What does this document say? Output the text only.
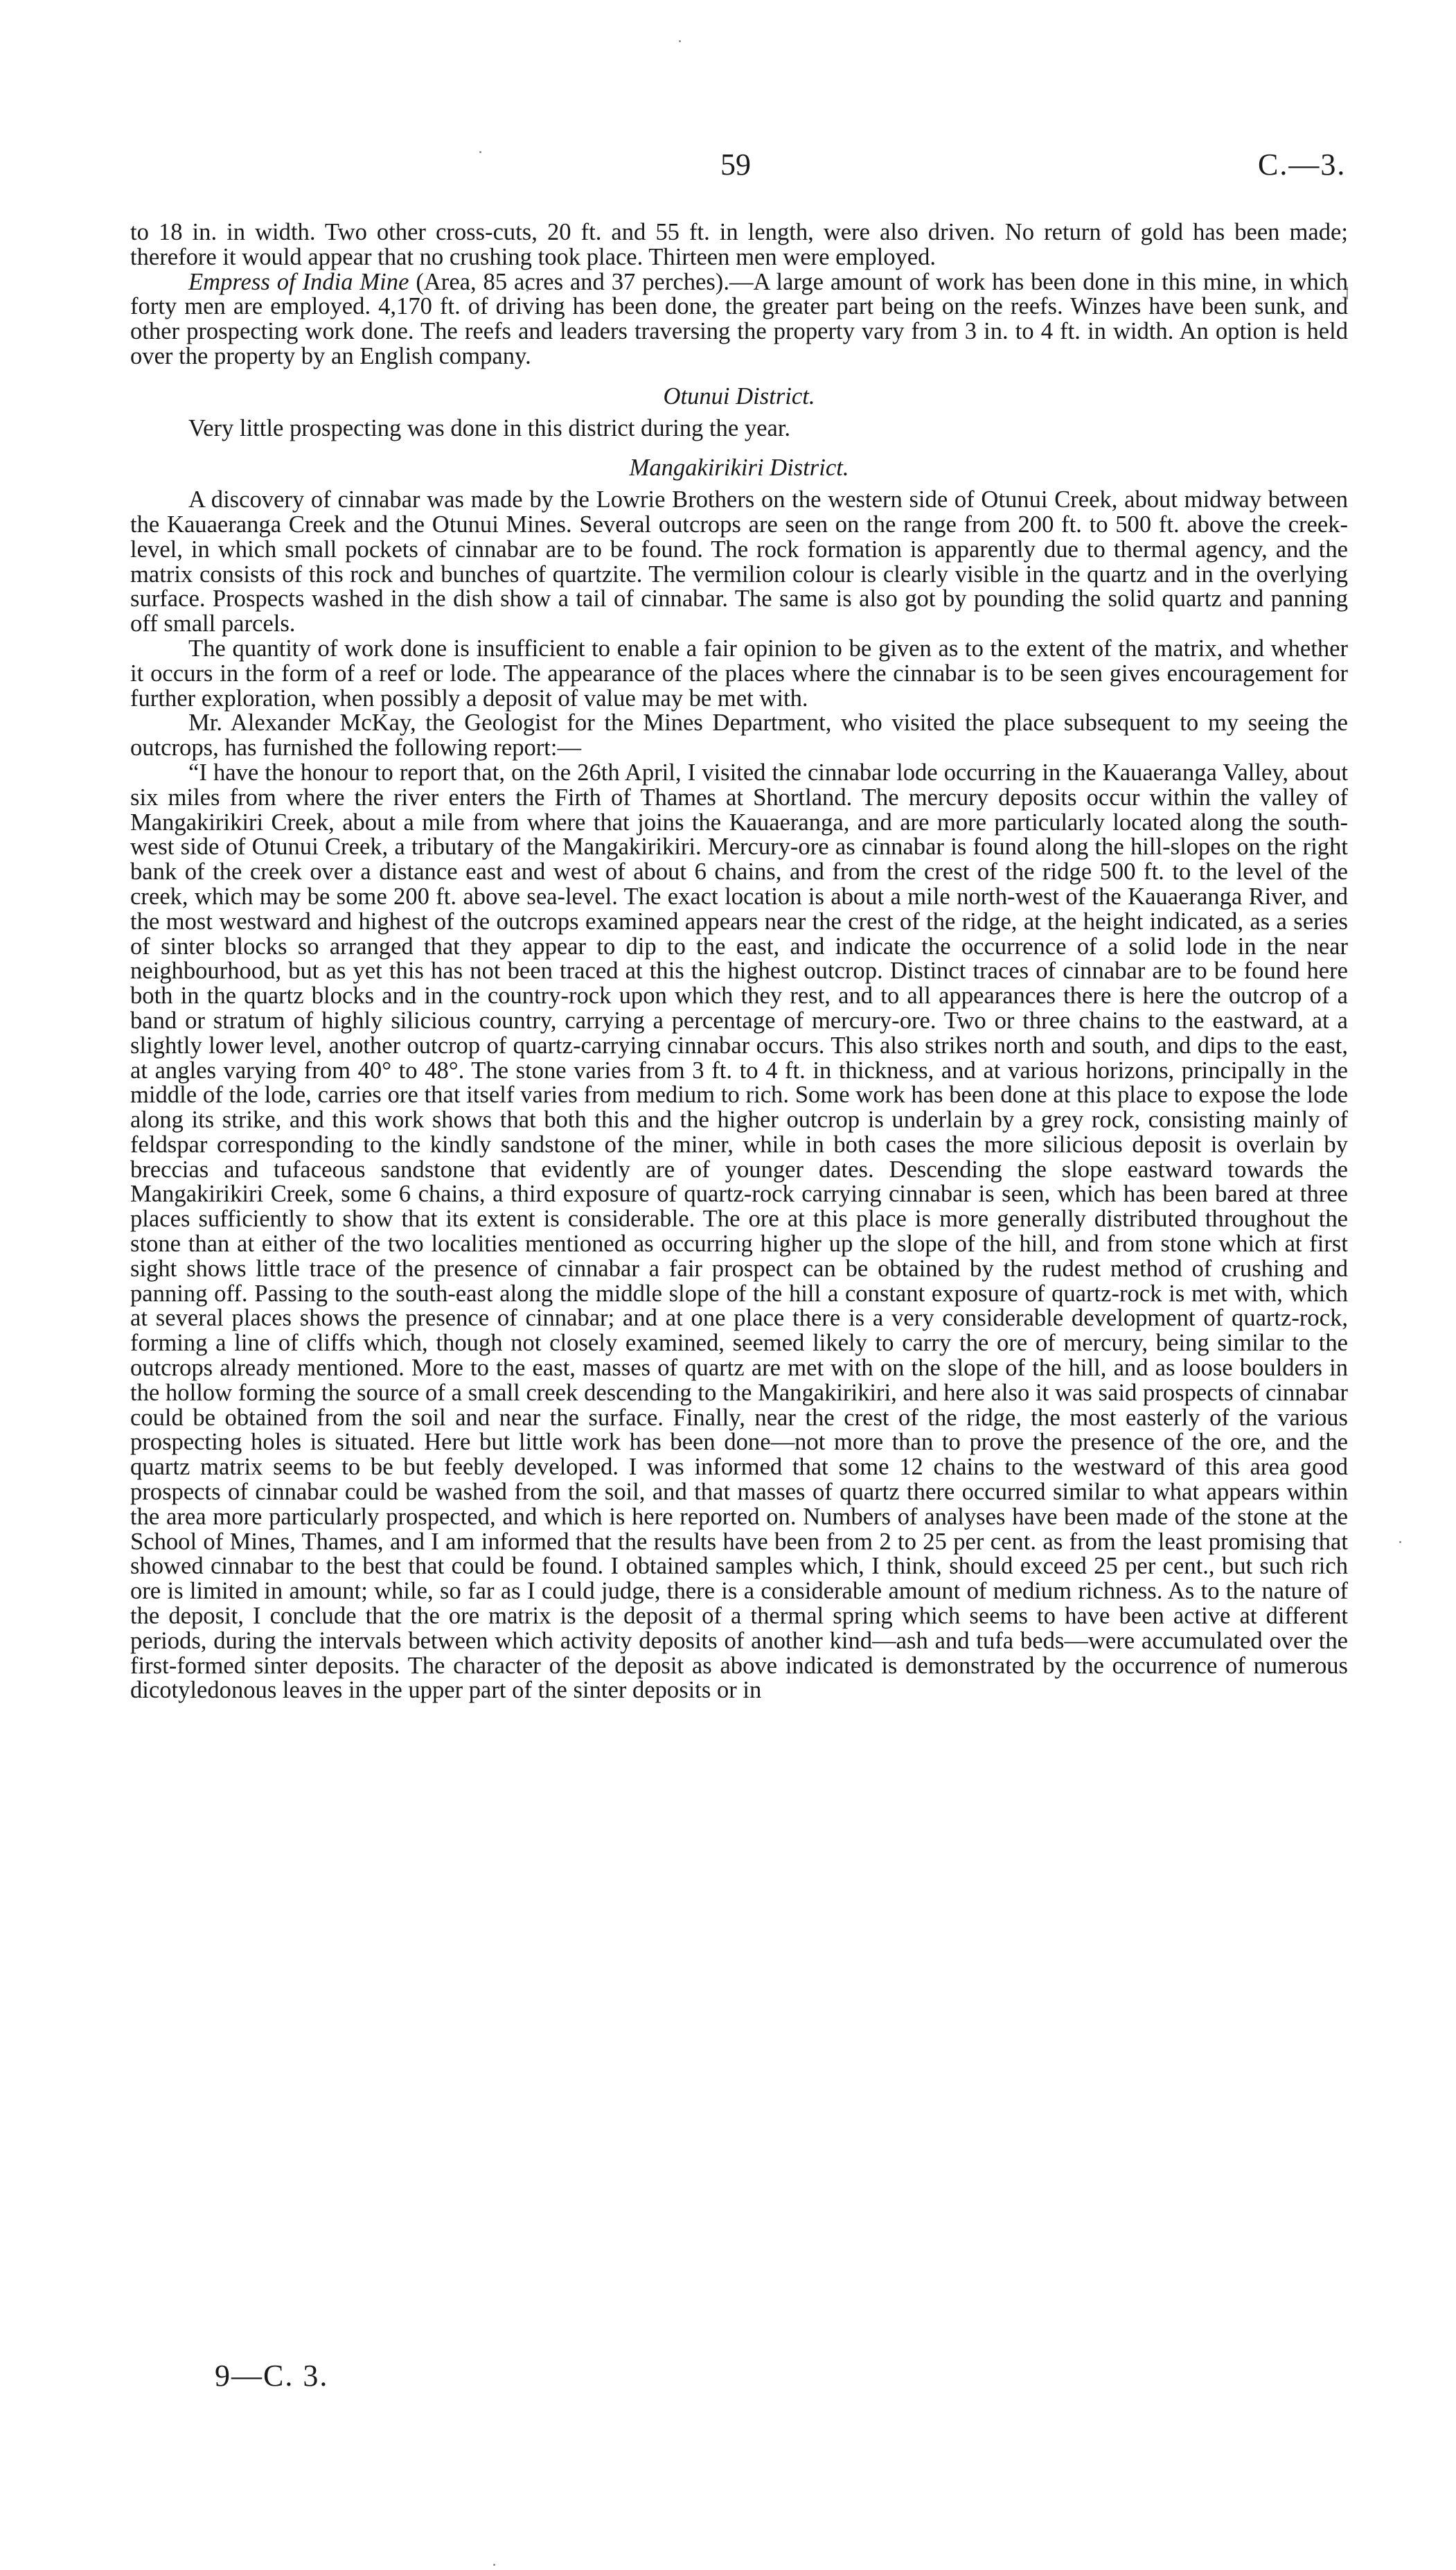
59	C.—3.

to 18 in. in width. Two other cross-cuts, 20 ft. and 55 ft. in length, were also driven. No return of gold has been made; therefore it would appear that no crushing took place. Thirteen men were employed.

Empress of India Mine (Area, 85 acres and 37 perches).—A large amount of work has been done in this mine, in which forty men are employed. 4,170 ft. of driving has been done, the greater part being on the reefs. Winzes have been sunk, and other prospecting work done. The reefs and leaders traversing the property vary from 3 in. to 4 ft. in width. An option is held over the property by an English company.

Otunui District.

Very little prospecting was done in this district during the year.

Mangakirikiri District.

A discovery of cinnabar was made by the Lowrie Brothers on the western side of Otunui Creek, about midway between the Kauaeranga Creek and the Otunui Mines. Several outcrops are seen on the range from 200 ft. to 500 ft. above the creek-level, in which small pockets of cinnabar are to be found. The rock formation is apparently due to thermal agency, and the matrix consists of this rock and bunches of quartzite. The vermilion colour is clearly visible in the quartz and in the overlying surface. Prospects washed in the dish show a tail of cinnabar. The same is also got by pounding the solid quartz and panning off small parcels.

The quantity of work done is insufficient to enable a fair opinion to be given as to the extent of the matrix, and whether it occurs in the form of a reef or lode. The appearance of the places where the cinnabar is to be seen gives encouragement for further exploration, when possibly a deposit of value may be met with.

Mr. Alexander McKay, the Geologist for the Mines Department, who visited the place subsequent to my seeing the outcrops, has furnished the following report:—

“I have the honour to report that, on the 26th April, I visited the cinnabar lode occurring in the Kauaeranga Valley, about six miles from where the river enters the Firth of Thames at Shortland. The mercury deposits occur within the valley of Mangakirikiri Creek, about a mile from where that joins the Kauaeranga, and are more particularly located along the south-west side of Otunui Creek, a tributary of the Mangakirikiri. Mercury-ore as cinnabar is found along the hill-slopes on the right bank of the creek over a distance east and west of about 6 chains, and from the crest of the ridge 500 ft. to the level of the creek, which may be some 200 ft. above sea-level. The exact location is about a mile north-west of the Kauaeranga River, and the most westward and highest of the outcrops examined appears near the crest of the ridge, at the height indicated, as a series of sinter blocks so arranged that they appear to dip to the east, and indicate the occurrence of a solid lode in the near neighbourhood, but as yet this has not been traced at this the highest outcrop. Distinct traces of cinnabar are to be found here both in the quartz blocks and in the country-rock upon which they rest, and to all appearances there is here the outcrop of a band or stratum of highly silicious country, carrying a percentage of mercury-ore. Two or three chains to the eastward, at a slightly lower level, another outcrop of quartz-carrying cinnabar occurs. This also strikes north and south, and dips to the east, at angles varying from 40° to 48°. The stone varies from 3 ft. to 4 ft. in thickness, and at various horizons, principally in the middle of the lode, carries ore that itself varies from medium to rich. Some work has been done at this place to expose the lode along its strike, and this work shows that both this and the higher outcrop is underlain by a grey rock, consisting mainly of feldspar corresponding to the kindly sandstone of the miner, while in both cases the more silicious deposit is overlain by breccias and tufaceous sandstone that evidently are of younger dates. Descending the slope eastward towards the Mangakirikiri Creek, some 6 chains, a third exposure of quartz-rock carrying cinnabar is seen, which has been bared at three places sufficiently to show that its extent is considerable. The ore at this place is more generally distributed throughout the stone than at either of the two localities mentioned as occurring higher up the slope of the hill, and from stone which at first sight shows little trace of the presence of cinnabar a fair prospect can be obtained by the rudest method of crushing and panning off. Passing to the south-east along the middle slope of the hill a constant exposure of quartz-rock is met with, which at several places shows the presence of cinnabar; and at one place there is a very considerable development of quartz-rock, forming a line of cliffs which, though not closely examined, seemed likely to carry the ore of mercury, being similar to the outcrops already mentioned. More to the east, masses of quartz are met with on the slope of the hill, and as loose boulders in the hollow forming the source of a small creek descending to the Mangakirikiri, and here also it was said prospects of cinnabar could be obtained from the soil and near the surface. Finally, near the crest of the ridge, the most easterly of the various prospecting holes is situated. Here but little work has been done—not more than to prove the presence of the ore, and the quartz matrix seems to be but feebly developed. I was informed that some 12 chains to the westward of this area good prospects of cinnabar could be washed from the soil, and that masses of quartz there occurred similar to what appears within the area more particularly prospected, and which is here reported on. Numbers of analyses have been made of the stone at the School of Mines, Thames, and I am informed that the results have been from 2 to 25 per cent. as from the least promising that showed cinnabar to the best that could be found. I obtained samples which, I think, should exceed 25 per cent., but such rich ore is limited in amount; while, so far as I could judge, there is a considerable amount of medium richness. As to the nature of the deposit, I conclude that the ore matrix is the deposit of a thermal spring which seems to have been active at different periods, during the intervals between which activity deposits of another kind—ash and tufa beds—were accumulated over the first-formed sinter deposits. The character of the deposit as above indicated is demonstrated by the occurrence of numerous dicotyledonous leaves in the upper part of the sinter deposits or in

9—C. 3.
